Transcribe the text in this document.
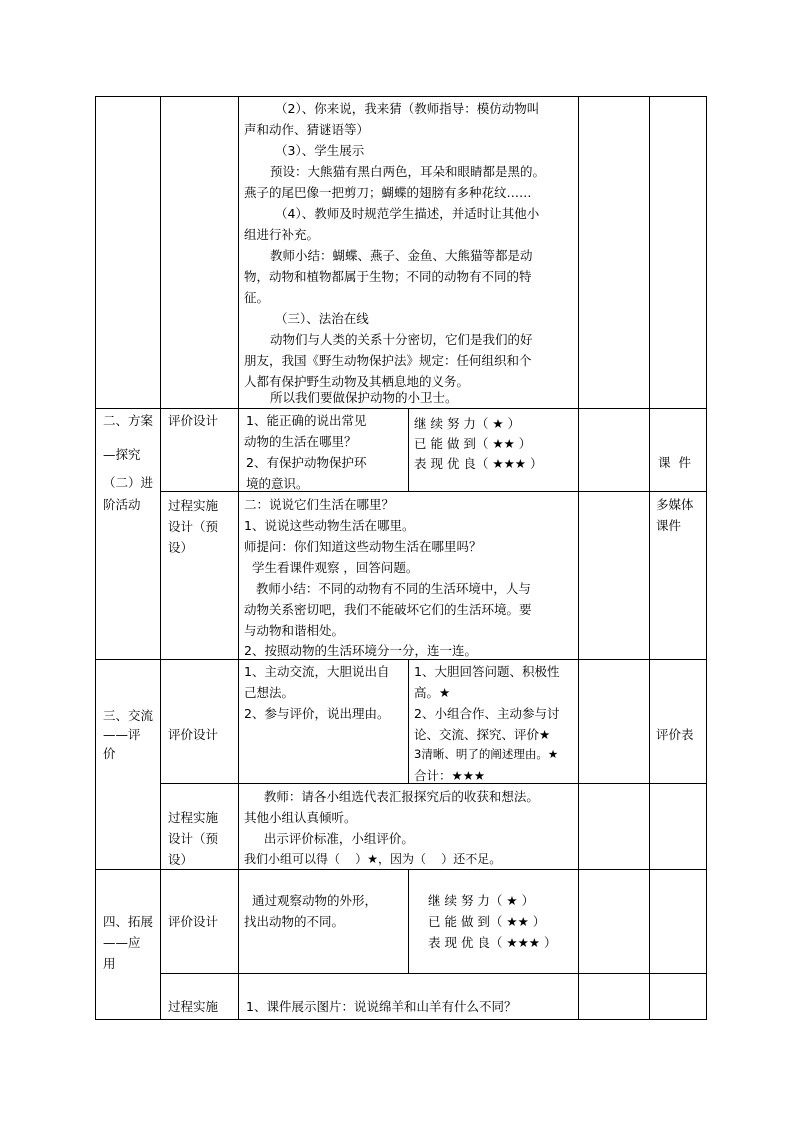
（2）、你来说，我来猜（教师指导：模仿动物叫
声和动作、猜谜语等）
（3）、学生展示
预设：大熊猫有黑白两色，耳朵和眼睛都是黑的。
燕子的尾巴像一把剪刀；蝴蝶的翅膀有多种花纹……
（4）、教师及时规范学生描述，并适时让其他小
组进行补充。
教师小结：蝴蝶、燕子、金鱼、大熊猫等都是动
物，动物和植物都属于生物；不同的动物有不同的特
征。
（三）、法治在线
动物们与人类的关系十分密切，它们是我们的好
朋友，我国《野生动物保护法》规定：任何组织和个
人都有保护野生动物及其栖息地的义务。
所以我们要做保护动物的小卫士。
二、方案
—探究
（二）进
阶活动
评价设计 1、能正确的说出常见
动物的生活在哪里？
2、有保护动物保护环
境的意识。
继 续 努 力（ ★ ）
已 能 做 到（ ★★ ）
表 现 优 良（ ★★★ ）	课  件
过程实施
设计（预
设）
二：说说它们生活在哪里？
1、说说这些动物生活在哪里。
师提问：你们知道这些动物生活在哪里吗？
学生看课件观察 ，回答问题。
教师小结：不同的动物有不同的生活环境中，人与
动物关系密切吧，我们不能破坏它们的生活环境。要
与动物和谐相处。
2、按照动物的生活环境分一分，连一连。
多媒体
课件
三、交流
——评
价
评价设计
1、主动交流，大胆说出自
己想法。
2、参与评价，说出理由。
1、大胆回答问题、积极性
高。★
2、小组合作、主动参与讨
论、交流、探究、评价★
3清晰、明了的阐述理由。★
合计：★★★
评价表
过程实施
设计（预
设）
教师：请各小组选代表汇报探究后的收获和想法。
其他小组认真倾听。
出示评价标准，小组评价。
我们小组可以得（    ）★，因为（    ）还不足。
四、拓展
——应
用
评价设计
通过观察动物的外形，
找出动物的不同。
继 续 努 力（ ★ ）
已 能 做 到（ ★★ ）
表 现 优 良（ ★★★ ）
过程实施 1、课件展示图片：说说绵羊和山羊有什么不同？
